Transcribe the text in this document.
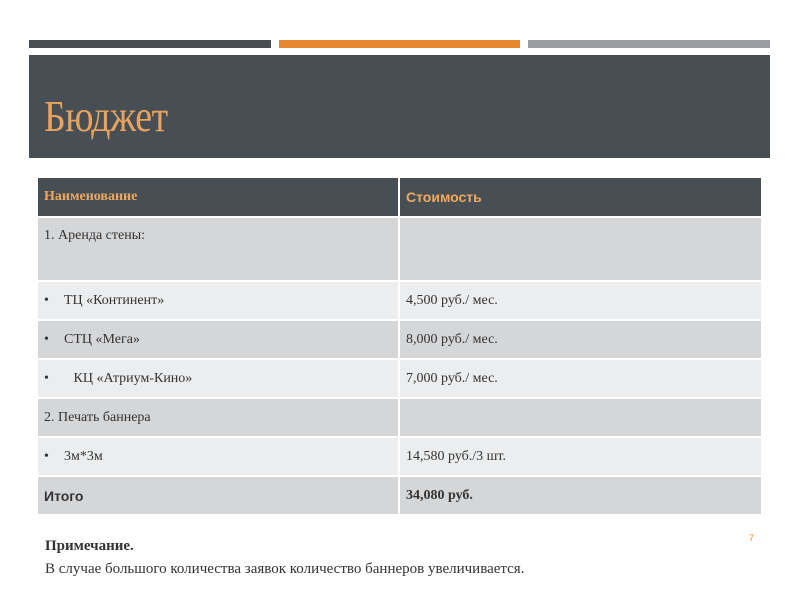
Бюджет
Наименование	Стоимость
1. Аренда стены:	
• ТЦ «Континент»	4,500 руб./ мес.
• СТЦ «Мега»	8,000 руб./ мес.
• КЦ «Атриум-Кино»	7,000 руб./ мес.
2. Печать баннера	
• 3м*3м	14,580 руб./3 шт.
Итого	34,080 руб.
7
Примечание.
В случае большого количества заявок количество баннеров увеличивается.
